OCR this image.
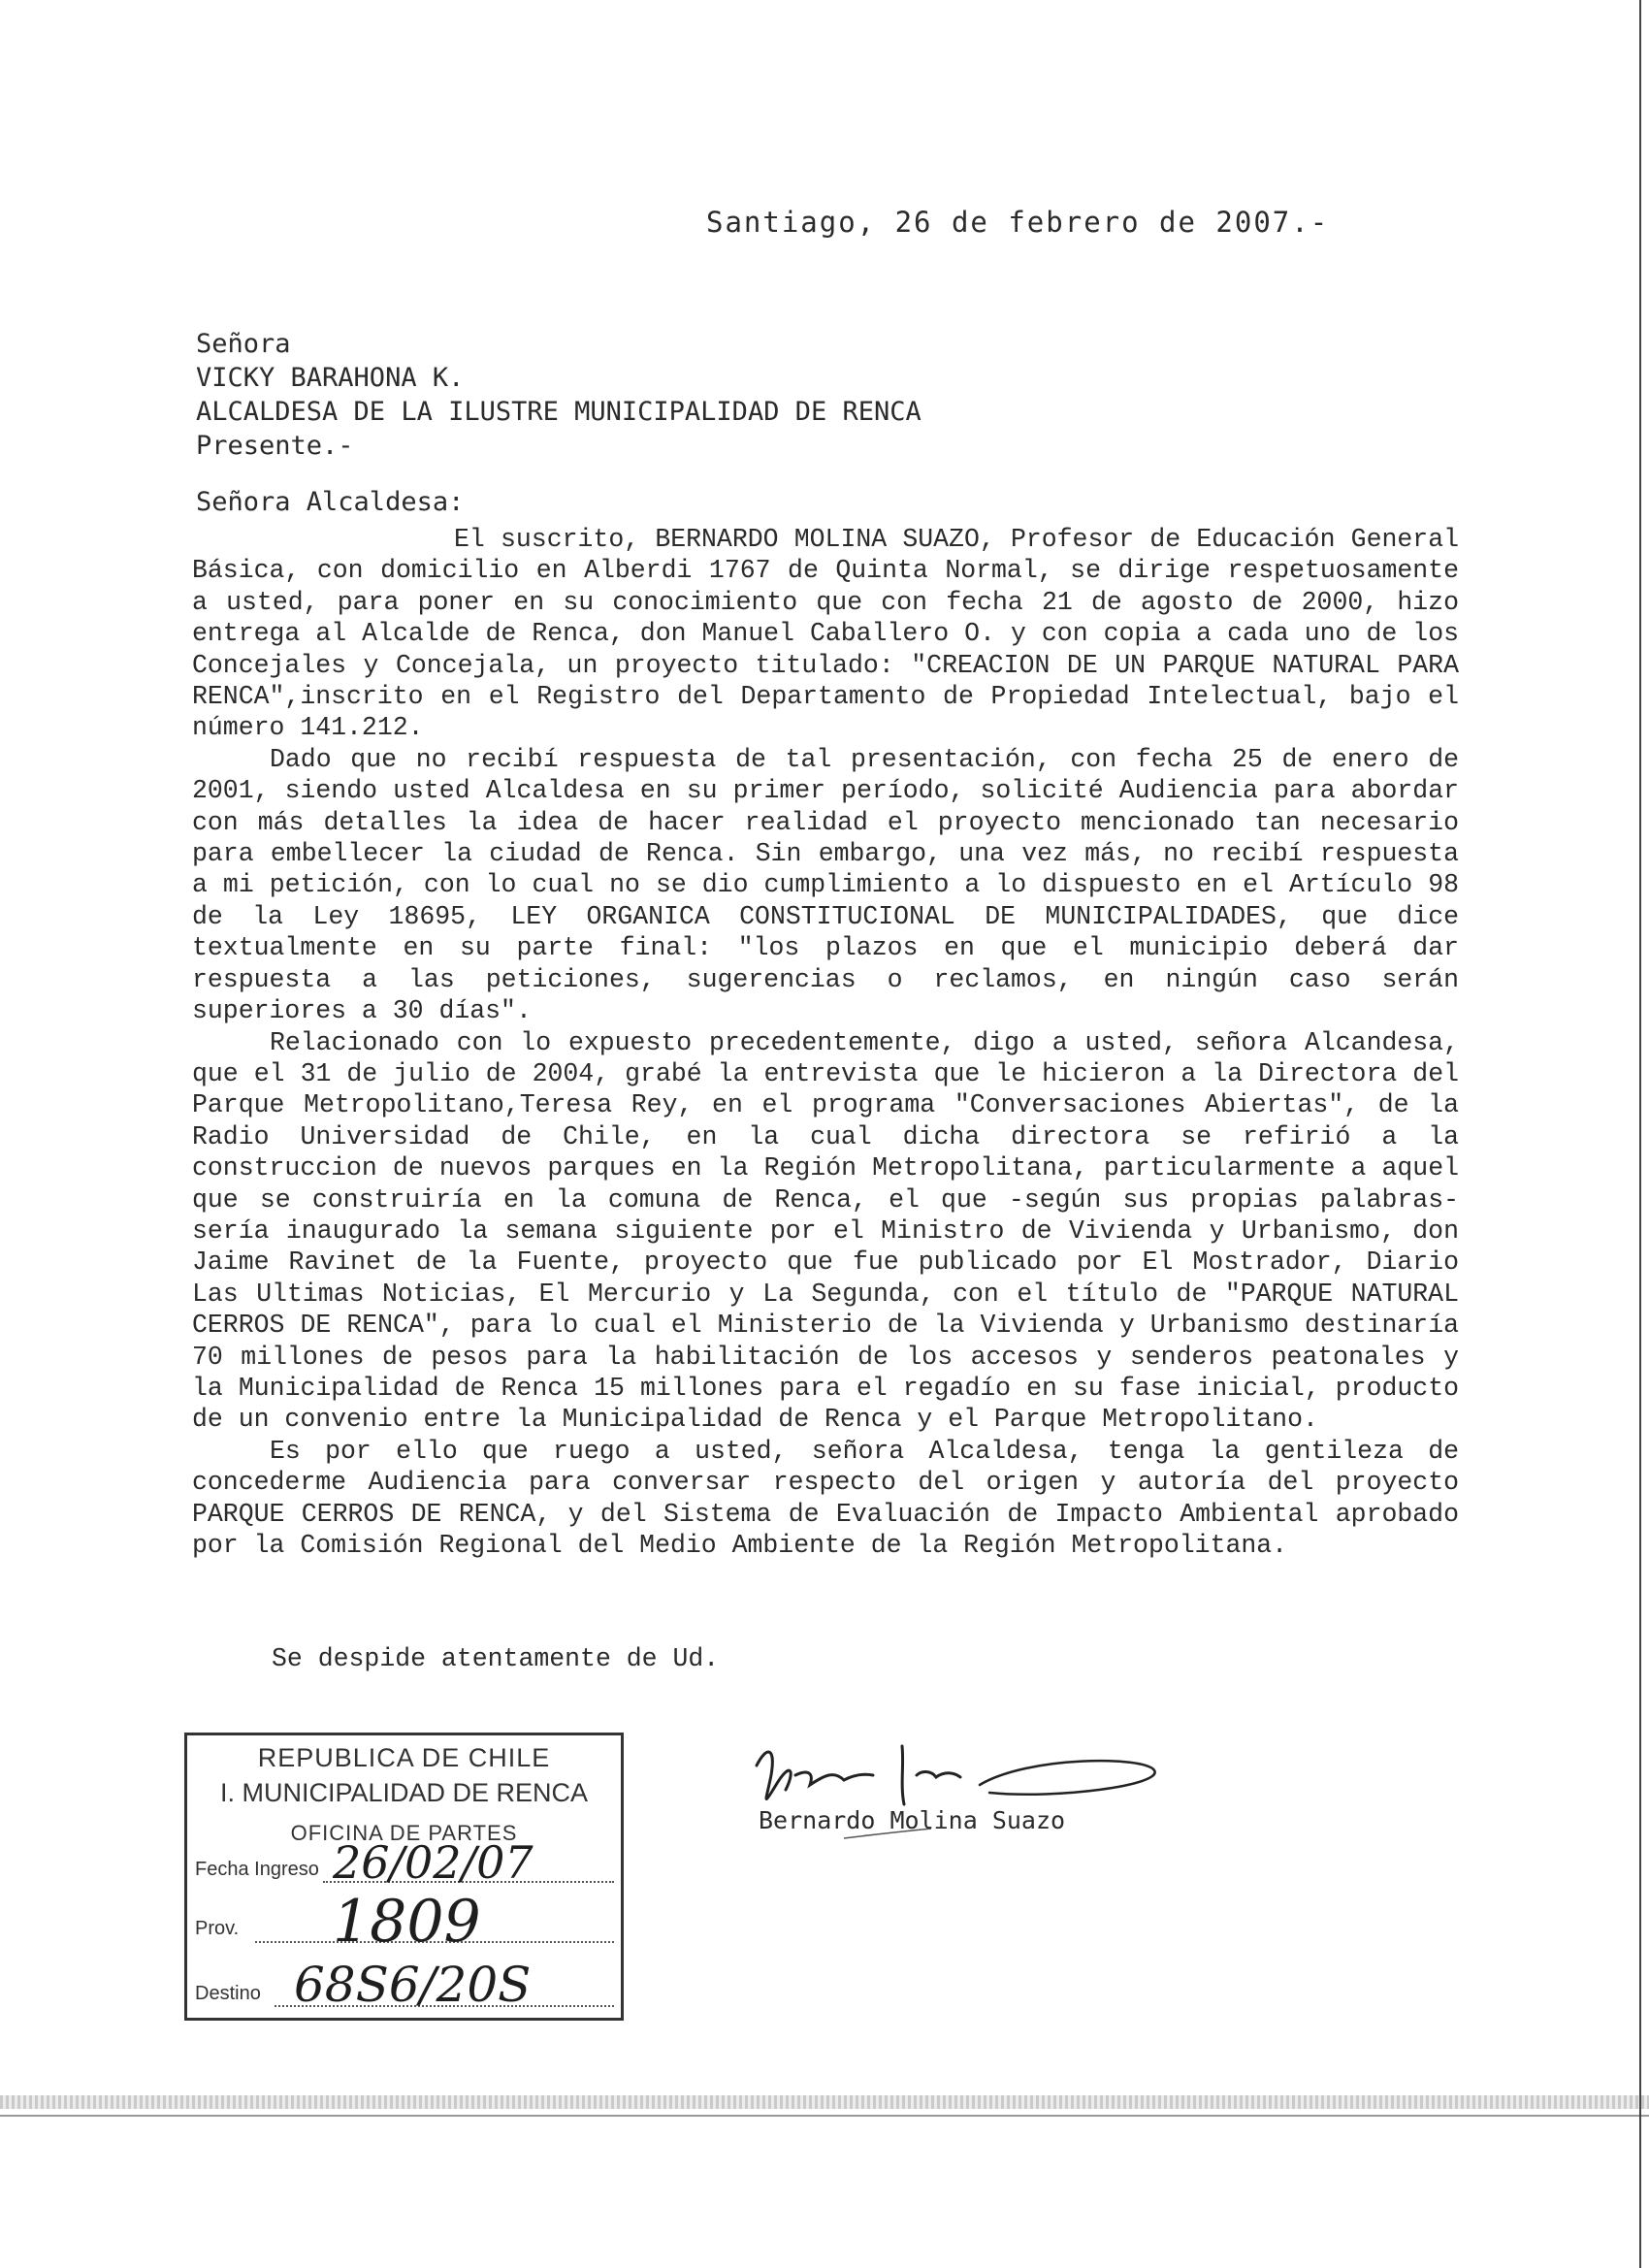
Santiago, 26 de febrero de 2007.-
Señora
VICKY BARAHONA K.
ALCALDESA DE LA ILUSTRE MUNICIPALIDAD DE RENCA
Presente.-
Señora Alcaldesa:

El suscrito, BERNARDO MOLINA SUAZO, Profesor de Educación General Básica, con domicilio en Alberdi 1767 de Quinta Normal, se dirige respetuosamente a usted, para poner en su conocimiento que con fecha 21 de agosto de 2000, hizo entrega al Alcalde de Renca, don Manuel Caballero O. y con copia a cada uno de los Concejales y Concejala, un proyecto titulado: "CREACION DE UN PARQUE NATURAL PARA RENCA",inscrito en el Registro del Departamento de Propiedad Intelectual, bajo el número 141.212.

Dado que no recibí respuesta de tal presentación, con fecha 25 de enero de 2001, siendo usted Alcaldesa en su primer período, solicité Audiencia para abordar con más detalles la idea de hacer realidad el proyecto mencionado tan necesario para embellecer la ciudad de Renca. Sin embargo, una vez más, no recibí respuesta a mi petición, con lo cual no se dio cumplimiento a lo dispuesto en el Artículo 98 de la Ley 18695, LEY ORGANICA CONSTITUCIONAL DE MUNICIPALIDADES, que dice textualmente en su parte final: "los plazos en que el municipio deberá dar respuesta a las peticiones, sugerencias o reclamos, en ningún caso serán superiores a 30 días".

Relacionado con lo expuesto precedentemente, digo a usted, señora Alcandesa, que el 31 de julio de 2004, grabé la entrevista que le hicieron a la Directora del Parque Metropolitano,Teresa Rey, en el programa "Conversaciones Abiertas", de la Radio Universidad de Chile, en la cual dicha directora se refirió a la construccion de nuevos parques en la Región Metropolitana, particularmente a aquel que se construiría en la comuna de Renca, el que -según sus propias palabras- sería inaugurado la semana siguiente por el Ministro de Vivienda y Urbanismo, don Jaime Ravinet de la Fuente, proyecto que fue publicado por El Mostrador, Diario Las Ultimas Noticias, El Mercurio y La Segunda, con el título de "PARQUE NATURAL CERROS DE RENCA", para lo cual el Ministerio de la Vivienda y Urbanismo destinaría 70 millones de pesos para la habilitación de los accesos y senderos peatonales y la Municipalidad de Renca 15 millones para el regadío en su fase inicial, producto de un convenio entre la Municipalidad de Renca y el Parque Metropolitano.

Es por ello que ruego a usted, señora Alcaldesa, tenga la gentileza de concederme Audiencia para conversar respecto del origen y autoría del proyecto PARQUE CERROS DE RENCA, y del Sistema de Evaluación de Impacto Ambiental aprobado por la Comisión Regional del Medio Ambiente de la Región Metropolitana.

Se despide atentamente de Ud.
Bernardo Molina Suazo
REPUBLICA DE CHILE
I. MUNICIPALIDAD DE RENCA
OFICINA DE PARTES
Fecha Ingreso 26/02/07
Prov. 1809
Destino 68S6/20S
